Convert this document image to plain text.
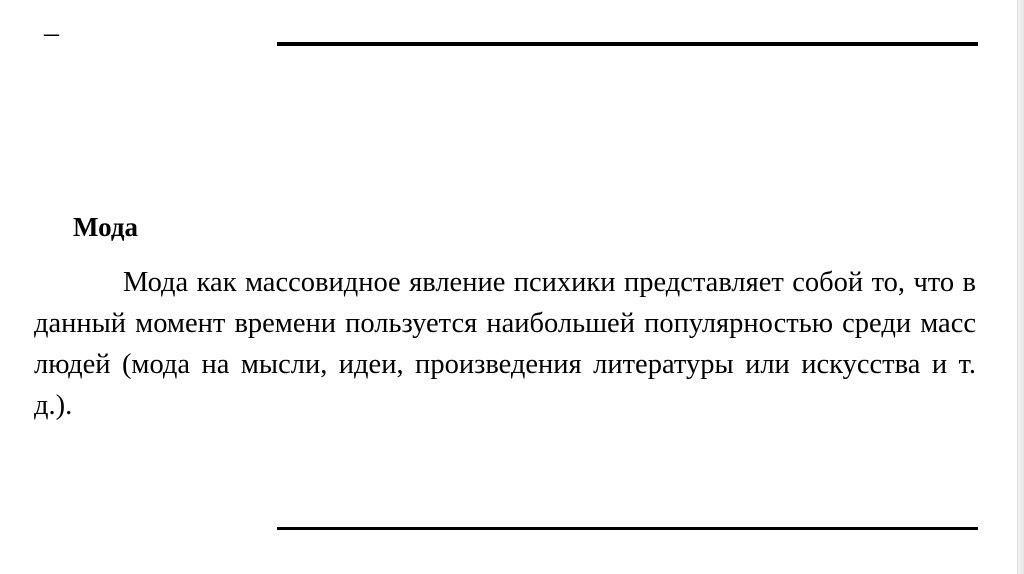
–
Мода

Мода как массовидное явление психики представляет собой то, что в данный момент времени пользуется наибольшей популярностью среди масс людей (мода на мысли, идеи, произведения литературы или искусства и т. д.).
